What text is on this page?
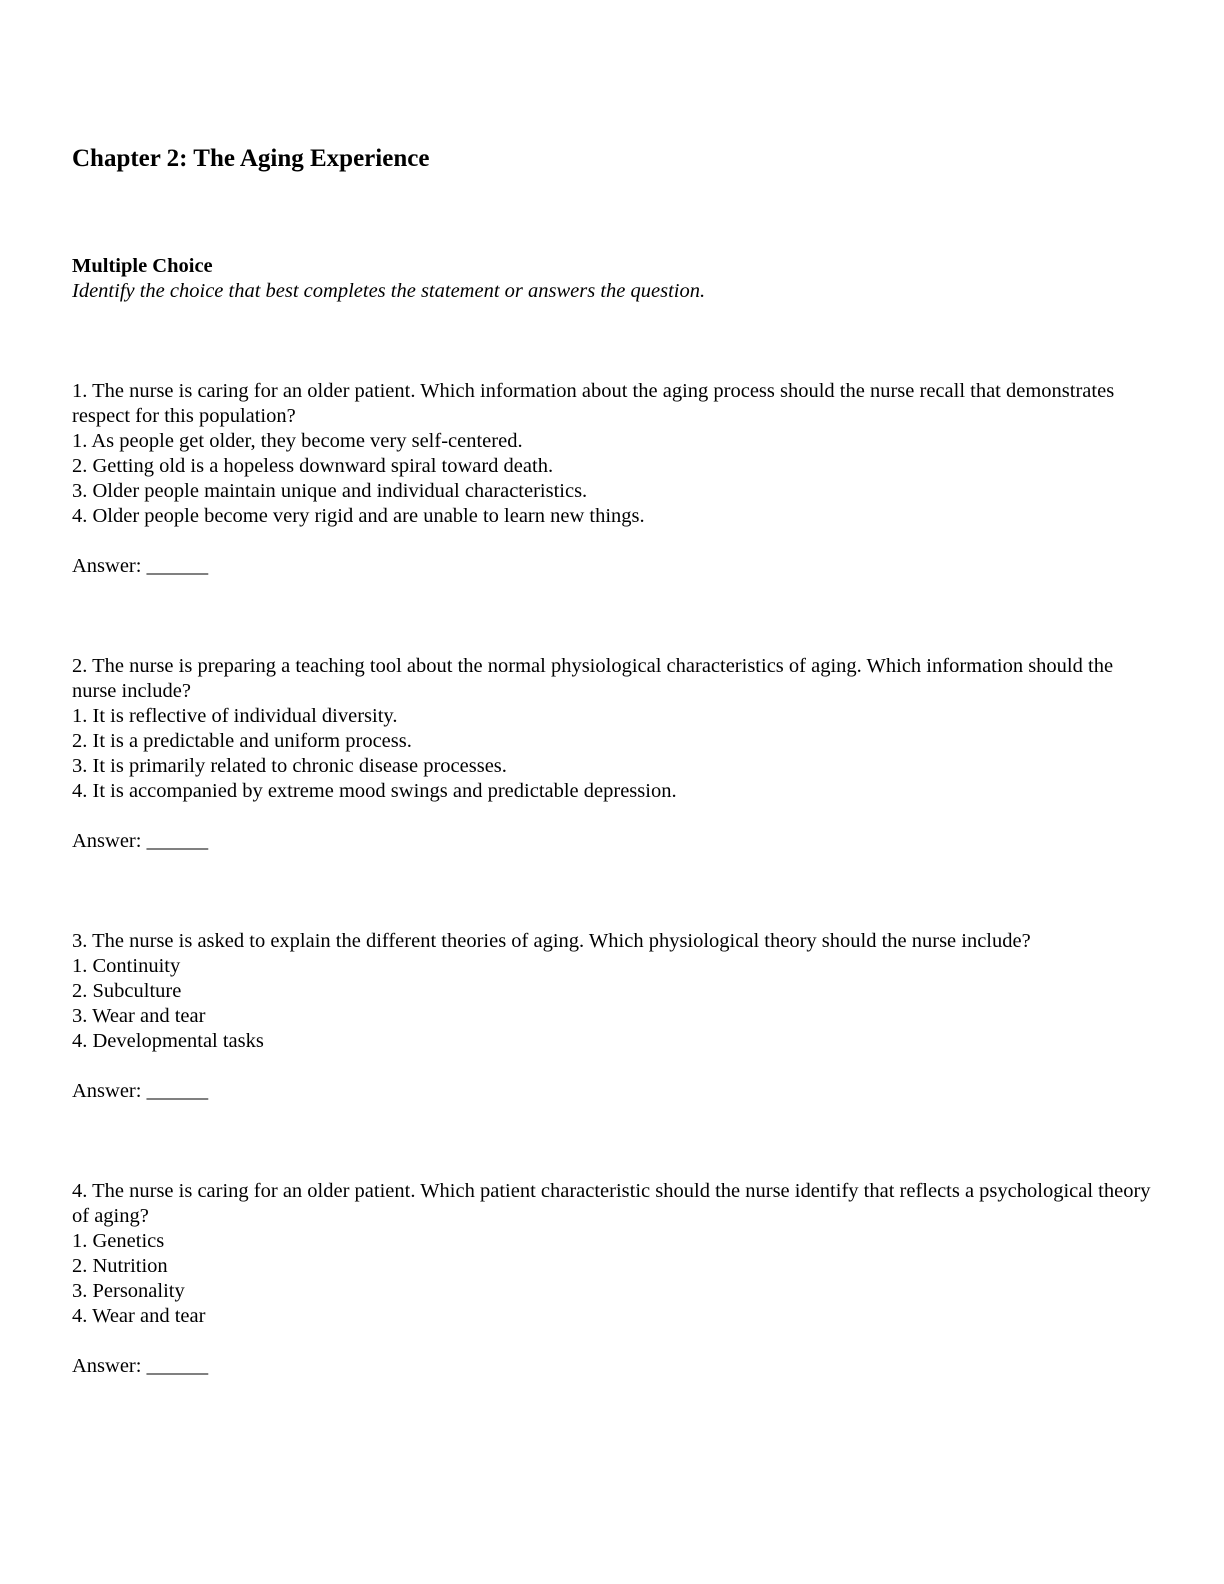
Chapter 2: The Aging Experience
Multiple Choice
Identify the choice that best completes the statement or answers the question.

1. The nurse is caring for an older patient. Which information about the aging process should the nurse recall that demonstrates respect for this population?

1. As people get older, they become very self-centered.
2. Getting old is a hopeless downward spiral toward death.
3. Older people maintain unique and individual characteristics.
4. Older people become very rigid and are unable to learn new things.

Answer: ______

2. The nurse is preparing a teaching tool about the normal physiological characteristics of aging. Which information should the nurse include?

1. It is reflective of individual diversity.
2. It is a predictable and uniform process.
3. It is primarily related to chronic disease processes.
4. It is accompanied by extreme mood swings and predictable depression.

Answer: ______

3. The nurse is asked to explain the different theories of aging. Which physiological theory should the nurse include?

1. Continuity
2. Subculture
3. Wear and tear
4. Developmental tasks

Answer: ______

4. The nurse is caring for an older patient. Which patient characteristic should the nurse identify that reflects a psychological theory of aging?

1. Genetics
2. Nutrition
3. Personality
4. Wear and tear

Answer: ______
